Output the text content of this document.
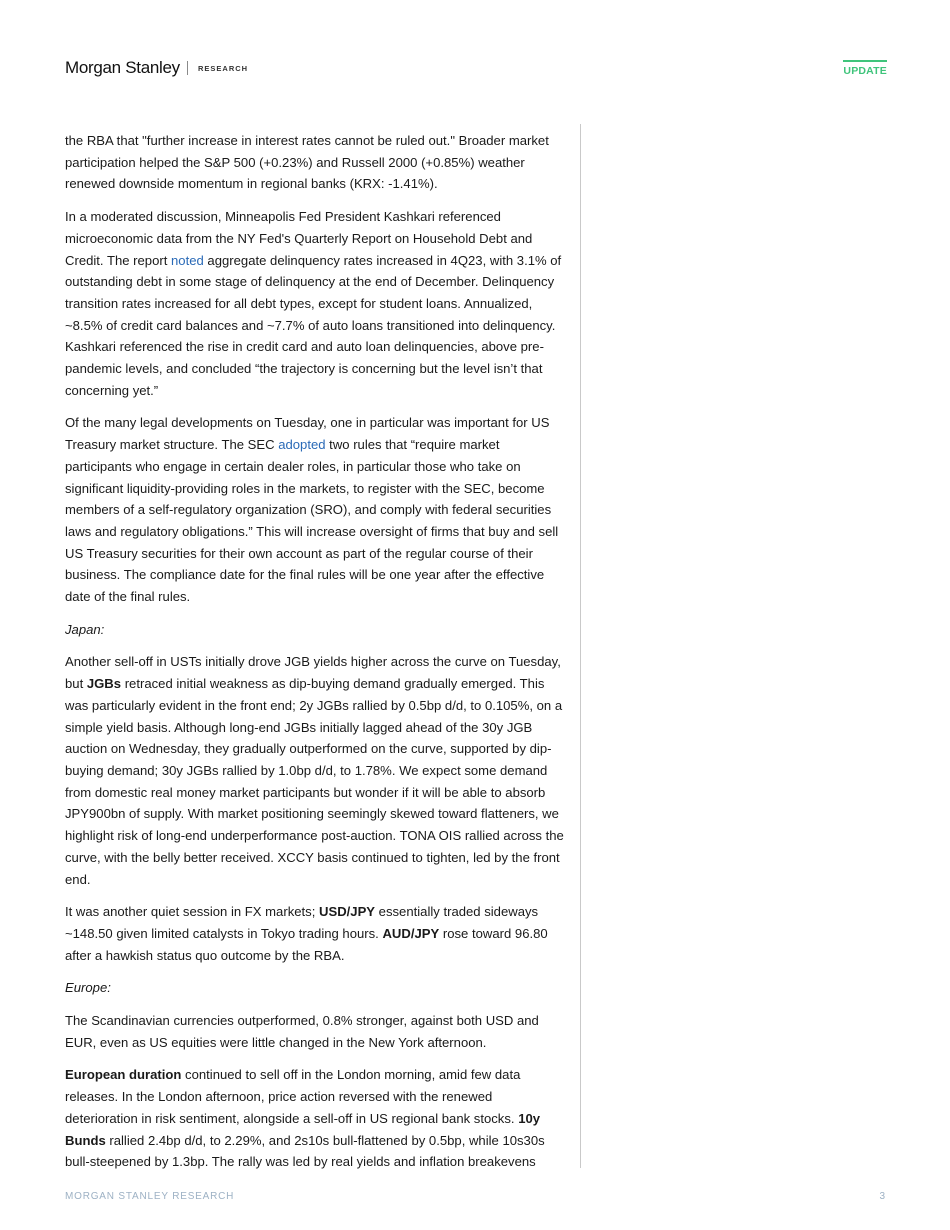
Morgan Stanley RESEARCH	UPDATE

the RBA that "further increase in interest rates cannot be ruled out." Broader market participation helped the S&P 500 (+0.23%) and Russell 2000 (+0.85%) weather renewed downside momentum in regional banks (KRX: -1.41%).

In a moderated discussion, Minneapolis Fed President Kashkari referenced microeconomic data from the NY Fed's Quarterly Report on Household Debt and Credit. The report noted aggregate delinquency rates increased in 4Q23, with 3.1% of outstanding debt in some stage of delinquency at the end of December. Delinquency transition rates increased for all debt types, except for student loans. Annualized, ~8.5% of credit card balances and ~7.7% of auto loans transitioned into delinquency. Kashkari referenced the rise in credit card and auto loan delinquencies, above pre-pandemic levels, and concluded “the trajectory is concerning but the level isn’t that concerning yet.”

Of the many legal developments on Tuesday, one in particular was important for US Treasury market structure. The SEC adopted two rules that “require market participants who engage in certain dealer roles, in particular those who take on significant liquidity-providing roles in the markets, to register with the SEC, become members of a self-regulatory organization (SRO), and comply with federal securities laws and regulatory obligations.” This will increase oversight of firms that buy and sell US Treasury securities for their own account as part of the regular course of their business. The compliance date for the final rules will be one year after the effective date of the final rules.

Japan:

Another sell-off in USTs initially drove JGB yields higher across the curve on Tuesday, but JGBs retraced initial weakness as dip-buying demand gradually emerged. This was particularly evident in the front end; 2y JGBs rallied by 0.5bp d/d, to 0.105%, on a simple yield basis. Although long-end JGBs initially lagged ahead of the 30y JGB auction on Wednesday, they gradually outperformed on the curve, supported by dip-buying demand; 30y JGBs rallied by 1.0bp d/d, to 1.78%. We expect some demand from domestic real money market participants but wonder if it will be able to absorb JPY900bn of supply. With market positioning seemingly skewed toward flatteners, we highlight risk of long-end underperformance post-auction. TONA OIS rallied across the curve, with the belly better received. XCCY basis continued to tighten, led by the front end.

It was another quiet session in FX markets; USD/JPY essentially traded sideways ~148.50 given limited catalysts in Tokyo trading hours. AUD/JPY rose toward 96.80 after a hawkish status quo outcome by the RBA.

Europe:

The Scandinavian currencies outperformed, 0.8% stronger, against both USD and EUR, even as US equities were little changed in the New York afternoon.

European duration continued to sell off in the London morning, amid few data releases. In the London afternoon, price action reversed with the renewed deterioration in risk sentiment, alongside a sell-off in US regional bank stocks. 10y Bunds rallied 2.4bp d/d, to 2.29%, and 2s10s bull-flattened by 0.5bp, while 10s30s bull-steepened by 1.3bp. The rally was led by real yields and inflation breakevens

MORGAN STANLEY RESEARCH	3
